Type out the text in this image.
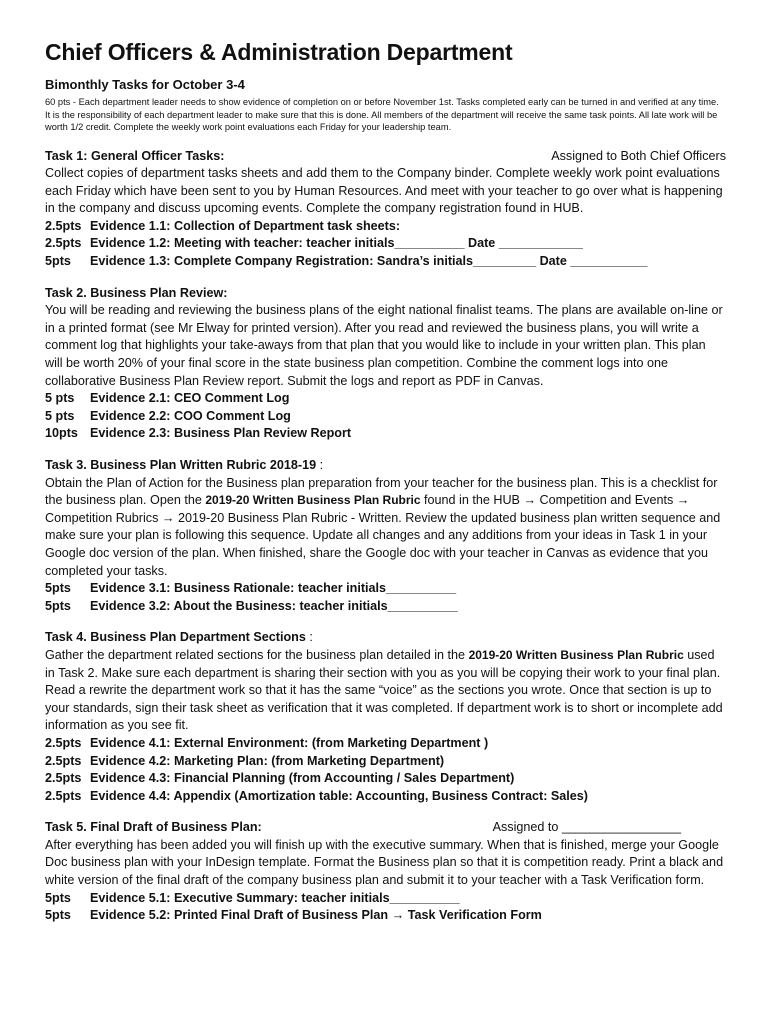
Chief Officers & Administration Department
Bimonthly Tasks for October 3-4
60 pts - Each department leader needs to show evidence of completion on or before November 1st. Tasks completed early can be turned in and verified at any time. It is the responsibility of each department leader to make sure that this is done. All members of the department will receive the same task points. All late work will be worth 1/2 credit. Complete the weekly work point evaluations each Friday for your leadership team.
Task 1: General Officer Tasks:	Assigned to Both Chief Officers
Collect copies of department tasks sheets and add them to the Company binder. Complete weekly work point evaluations each Friday which have been sent to you by Human Resources. And meet with your teacher to go over what is happening in the company and discuss upcoming events. Complete the company registration found in HUB.
2.5pts Evidence 1.1: Collection of Department task sheets:
2.5pts Evidence 1.2: Meeting with teacher: teacher initials__________ Date ____________
5pts	Evidence 1.3: Complete Company Registration: Sandra’s initials_________ Date ___________
Task 2. Business Plan Review:
You will be reading and reviewing the business plans of the eight national finalist teams. The plans are available on-line or in a printed format (see Mr Elway for printed version). After you read and reviewed the business plans, you will write a comment log that highlights your take-aways from that plan that you would like to include in your written plan. This plan will be worth 20% of your final score in the state business plan competition. Combine the comment logs into one collaborative Business Plan Review report. Submit the logs and report as PDF in Canvas.
5 pts	Evidence 2.1: CEO Comment Log
5 pts	Evidence 2.2: COO Comment Log
10pts Evidence 2.3: Business Plan Review Report
Task 3. Business Plan Written Rubric 2018-19 :
Obtain the Plan of Action for the Business plan preparation from your teacher for the business plan. This is a checklist for the business plan. Open the 2019-20 Written Business Plan Rubric found in the HUB → Competition and Events → Competition Rubrics → 2019-20 Business Plan Rubric - Written. Review the updated business plan written sequence and make sure your plan is following this sequence. Update all changes and any additions from your ideas in Task 1 in your Google doc version of the plan. When finished, share the Google doc with your teacher in Canvas as evidence that you completed your tasks.
5pts	Evidence 3.1: Business Rationale: teacher initials__________
5pts	Evidence 3.2: About the Business: teacher initials__________
Task 4. Business Plan Department Sections :
Gather the department related sections for the business plan detailed in the 2019-20 Written Business Plan Rubric used in Task 2. Make sure each department is sharing their section with you as you will be copying their work to your final plan. Read a rewrite the department work so that it has the same “voice” as the sections you wrote. Once that section is up to your standards, sign their task sheet as verification that it was completed. If department work is to short or incomplete add information as you see fit.
2.5pts Evidence 4.1: External Environment: (from Marketing Department )
2.5pts Evidence 4.2: Marketing Plan: (from Marketing Department)
2.5pts Evidence 4.3: Financial Planning (from Accounting / Sales Department)
2.5pts Evidence 4.4: Appendix (Amortization table: Accounting, Business Contract: Sales)
Task 5. Final Draft of Business Plan:	Assigned to _________________
After everything has been added you will finish up with the executive summary. When that is finished, merge your Google Doc business plan with your InDesign template. Format the Business plan so that it is competition ready. Print a black and white version of the final draft of the company business plan and submit it to your teacher with a Task Verification form.
5pts	Evidence 5.1: Executive Summary: teacher initials__________
5pts	Evidence 5.2: Printed Final Draft of Business Plan → Task Verification Form
